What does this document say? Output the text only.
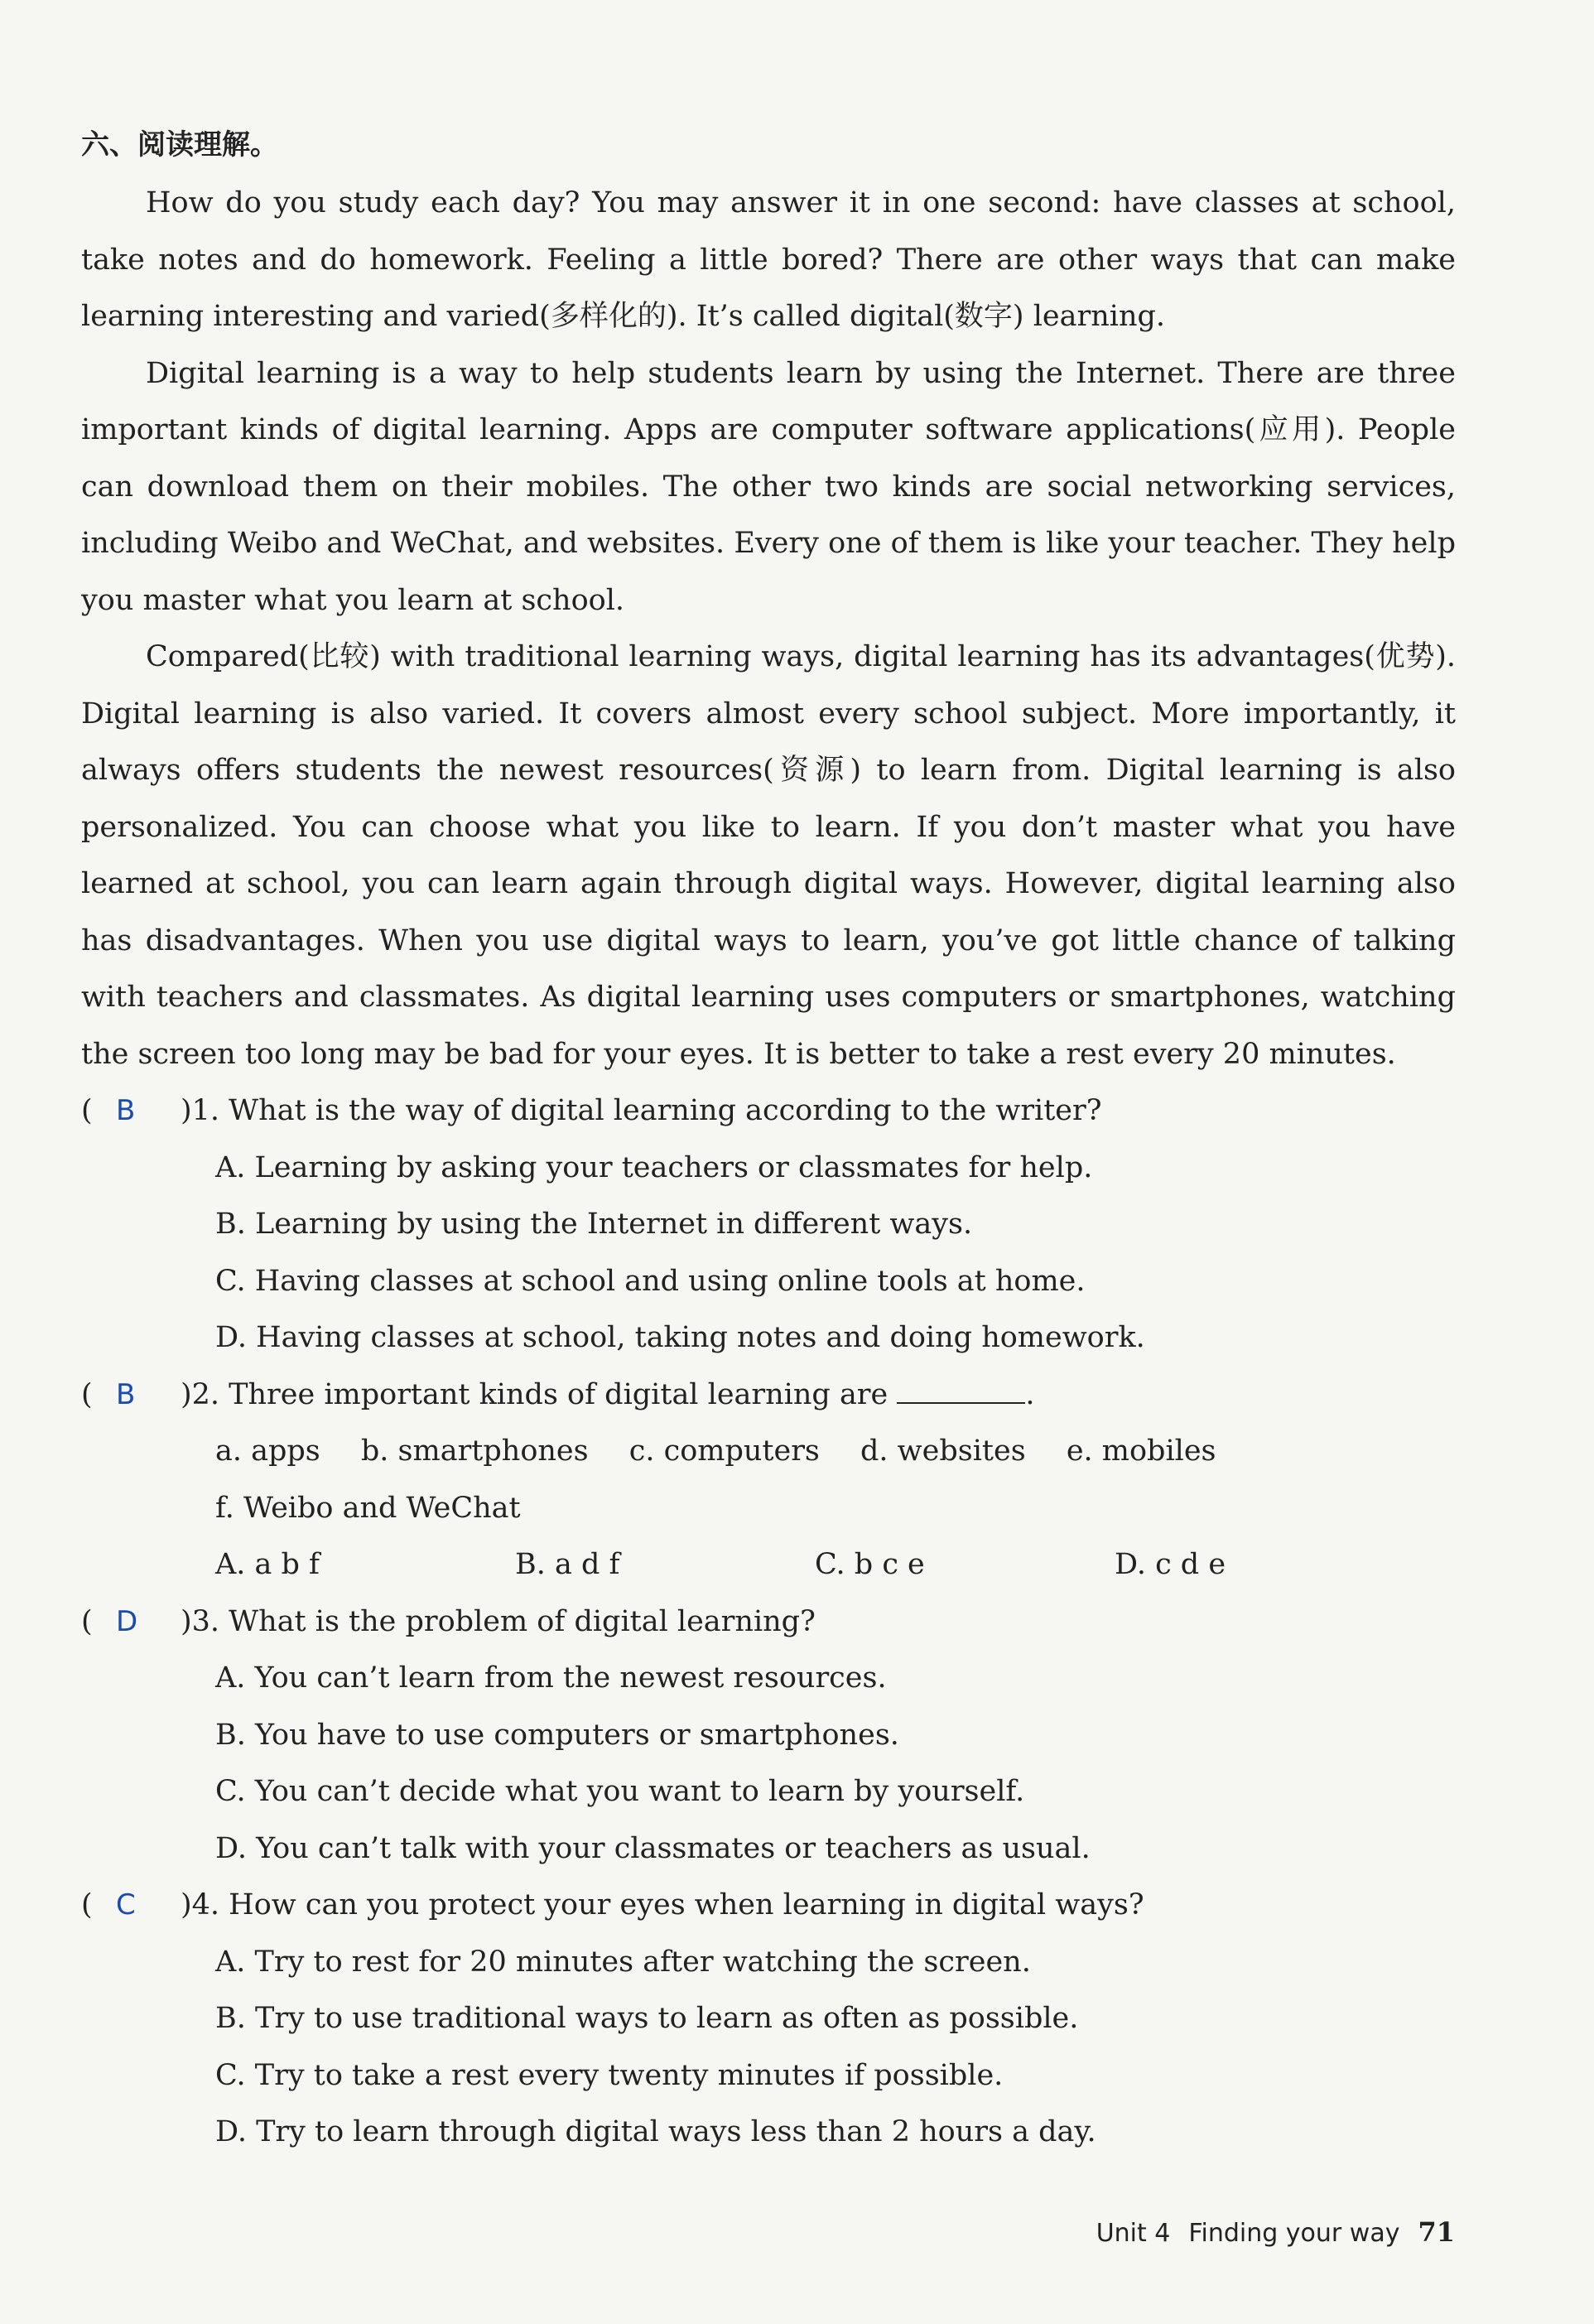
六、阅读理解。

How do you study each day? You may answer it in one second: have classes at school, take notes and do homework. Feeling a little bored? There are other ways that can make learning interesting and varied(多样化的). It’s called digital(数字) learning.

Digital learning is a way to help students learn by using the Internet. There are three important kinds of digital learning. Apps are computer software applications(应用). People can download them on their mobiles. The other two kinds are social networking services, including Weibo and WeChat, and websites. Every one of them is like your teacher. They help you master what you learn at school.

Compared(比较) with traditional learning ways, digital learning has its advantages(优势). Digital learning is also varied. It covers almost every school subject. More importantly, it always offers students the newest resources(资源) to learn from. Digital learning is also personalized. You can choose what you like to learn. If you don’t master what you have learned at school, you can learn again through digital ways. However, digital learning also has disadvantages. When you use digital ways to learn, you’ve got little chance of talking with teachers and classmates. As digital learning uses computers or smartphones, watching the screen too long may be bad for your eyes. It is better to take a rest every 20 minutes.

( B )1. What is the way of digital learning according to the writer?
A. Learning by asking your teachers or classmates for help.
B. Learning by using the Internet in different ways.
C. Having classes at school and using online tools at home.
D. Having classes at school, taking notes and doing homework.
( B )2. Three important kinds of digital learning are	.
a. apps b. smartphones c. computers d. websites e. mobiles
f. Weibo and WeChat
A. a b f	B. a d f	C. b c e	D. c d e
( D )3. What is the problem of digital learning?
A. You can’t learn from the newest resources.
B. You have to use computers or smartphones.
C. You can’t decide what you want to learn by yourself.
D. You can’t talk with your classmates or teachers as usual.
( C )4. How can you protect your eyes when learning in digital ways?
A. Try to rest for 20 minutes after watching the screen.
B. Try to use traditional ways to learn as often as possible.
C. Try to take a rest every twenty minutes if possible.
D. Try to learn through digital ways less than 2 hours a day.
Unit 4 Finding your way 71
